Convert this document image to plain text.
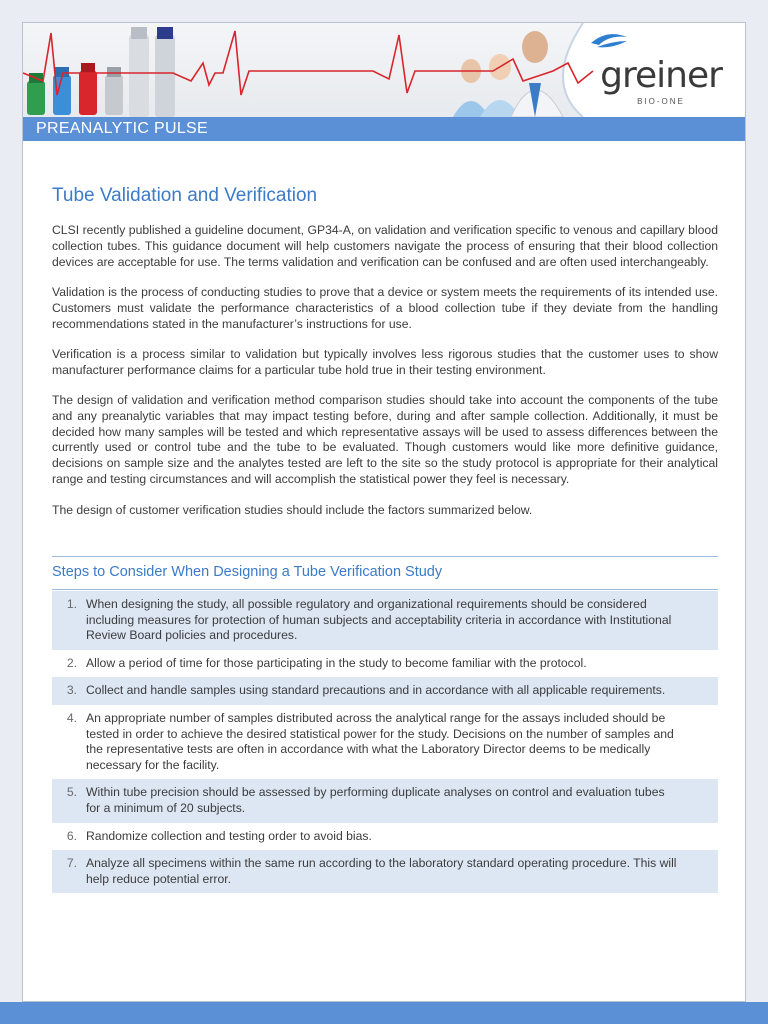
greiner
BIO-ONE
PREANALYTIC PULSE
Tube Validation and Verification

CLSI recently published a guideline document, GP34-A, on validation and verification specific to venous and capillary blood collection tubes. This guidance document will help customers navigate the process of ensuring that their blood collection devices are acceptable for use. The terms validation and verification can be confused and are often used interchangeably.

Validation is the process of conducting studies to prove that a device or system meets the requirements of its intended use. Customers must validate the performance characteristics of a blood collection tube if they deviate from the handling recommendations stated in the manufacturer’s instructions for use.

Verification is a process similar to validation but typically involves less rigorous studies that the customer uses to show manufacturer performance claims for a particular tube hold true in their testing environment.

The design of validation and verification method comparison studies should take into account the components of the tube and any preanalytic variables that may impact testing before, during and after sample collection. Additionally, it must be decided how many samples will be tested and which representative assays will be used to assess differences between the currently used or control tube and the tube to be evaluated. Though customers would like more definitive guidance, decisions on sample size and the analytes tested are left to the site so the study protocol is appropriate for their analytical range and testing circumstances and will accomplish the statistical power they feel is necessary.

The design of customer verification studies should include the factors summarized below.

Steps to Consider When Designing a Tube Verification Study
1. When designing the study, all possible regulatory and organizational requirements should be considered including measures for protection of human subjects and acceptability criteria in accordance with Institutional Review Board policies and procedures.
2. Allow a period of time for those participating in the study to become familiar with the protocol.
3. Collect and handle samples using standard precautions and in accordance with all applicable requirements.
4. An appropriate number of samples distributed across the analytical range for the assays included should be tested in order to achieve the desired statistical power for the study. Decisions on the number of samples and the representative tests are often in accordance with what the Laboratory Director deems to be medically necessary for the facility.
5. Within tube precision should be assessed by performing duplicate analyses on control and evaluation tubes for a minimum of 20 subjects.
6. Randomize collection and testing order to avoid bias.
7. Analyze all specimens within the same run according to the laboratory standard operating procedure. This will help reduce potential error.
